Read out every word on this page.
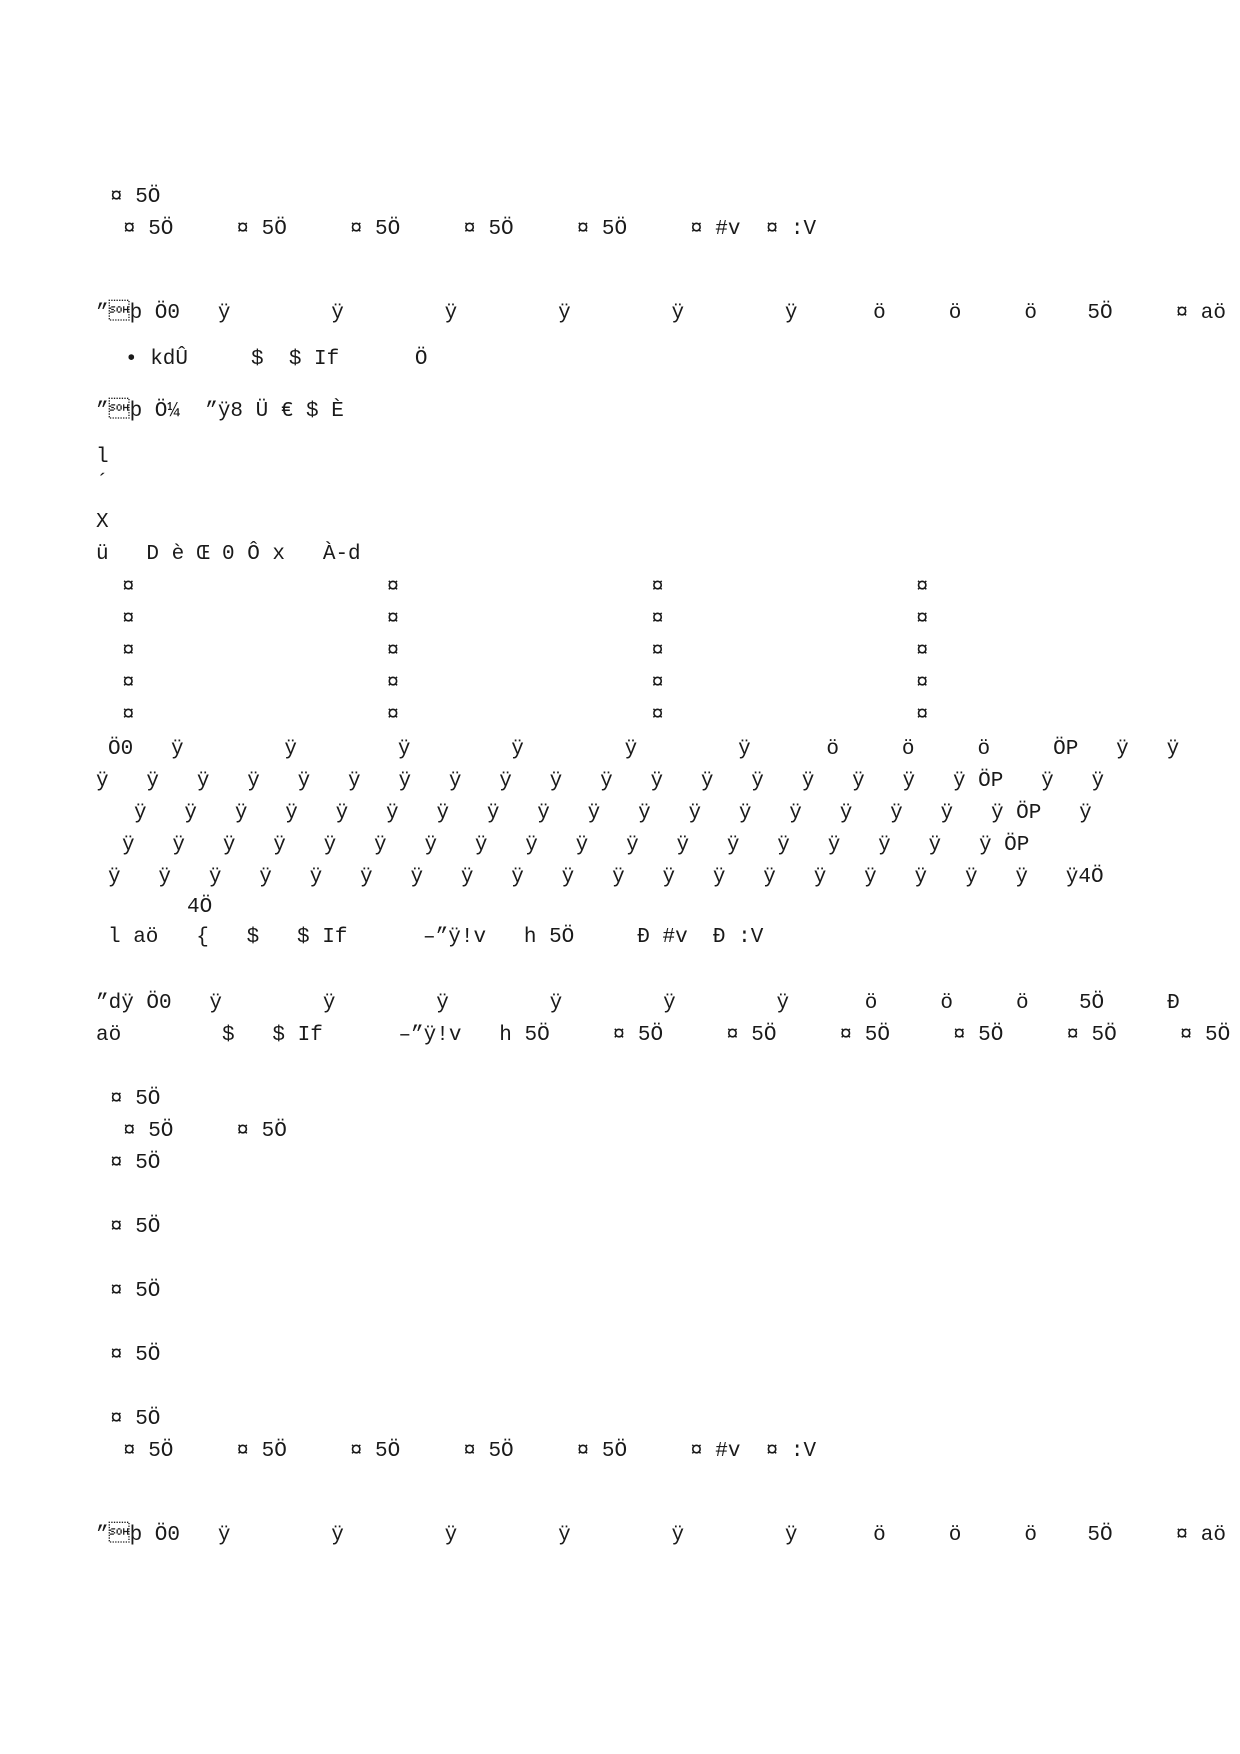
¤ 5Ö
¤ 5Ö     ¤ 5Ö     ¤ 5Ö     ¤ 5Ö     ¤ 5Ö     ¤ #v  ¤ :V
”þ Ö0   ÿ        ÿ        ÿ        ÿ        ÿ        ÿ      ö     ö     ö    5Ö     ¤ aö
• kdÛ     $  $ If      Ö
”þ Ö¼  ”ÿ8 Ü € $ È
l
´
X
ü   D è Œ 0 Ô x   À-d
¤                    ¤                    ¤                    ¤
¤                    ¤                    ¤                    ¤
¤                    ¤                    ¤                    ¤
¤                    ¤                    ¤                    ¤
¤                    ¤                    ¤                    ¤
Ö0   ÿ        ÿ        ÿ        ÿ        ÿ        ÿ      ö     ö     ö     ÖP   ÿ   ÿ
ÿ   ÿ   ÿ   ÿ   ÿ   ÿ   ÿ   ÿ   ÿ   ÿ   ÿ   ÿ   ÿ   ÿ   ÿ   ÿ   ÿ   ÿ ÖP   ÿ   ÿ
ÿ   ÿ   ÿ   ÿ   ÿ   ÿ   ÿ   ÿ   ÿ   ÿ   ÿ   ÿ   ÿ   ÿ   ÿ   ÿ   ÿ   ÿ ÖP   ÿ
ÿ   ÿ   ÿ   ÿ   ÿ   ÿ   ÿ   ÿ   ÿ   ÿ   ÿ   ÿ   ÿ   ÿ   ÿ   ÿ   ÿ   ÿ ÖP
ÿ   ÿ   ÿ   ÿ   ÿ   ÿ   ÿ   ÿ   ÿ   ÿ   ÿ   ÿ   ÿ   ÿ   ÿ   ÿ   ÿ   ÿ   ÿ   ÿ4Ö
4Ö
l aö   {   $   $ If      –”ÿ!v   h 5Ö     Ð #v  Ð :V
”dÿ Ö0   ÿ        ÿ        ÿ        ÿ        ÿ        ÿ      ö     ö     ö    5Ö     Ð
aö        $   $ If      –”ÿ!v   h 5Ö     ¤ 5Ö     ¤ 5Ö     ¤ 5Ö     ¤ 5Ö     ¤ 5Ö     ¤ 5Ö
¤ 5Ö
¤ 5Ö     ¤ 5Ö
¤ 5Ö
¤ 5Ö
¤ 5Ö
¤ 5Ö
¤ 5Ö
¤ 5Ö     ¤ 5Ö     ¤ 5Ö     ¤ 5Ö     ¤ 5Ö     ¤ #v  ¤ :V
”þ Ö0   ÿ        ÿ        ÿ        ÿ        ÿ        ÿ      ö     ö     ö    5Ö     ¤ aö
